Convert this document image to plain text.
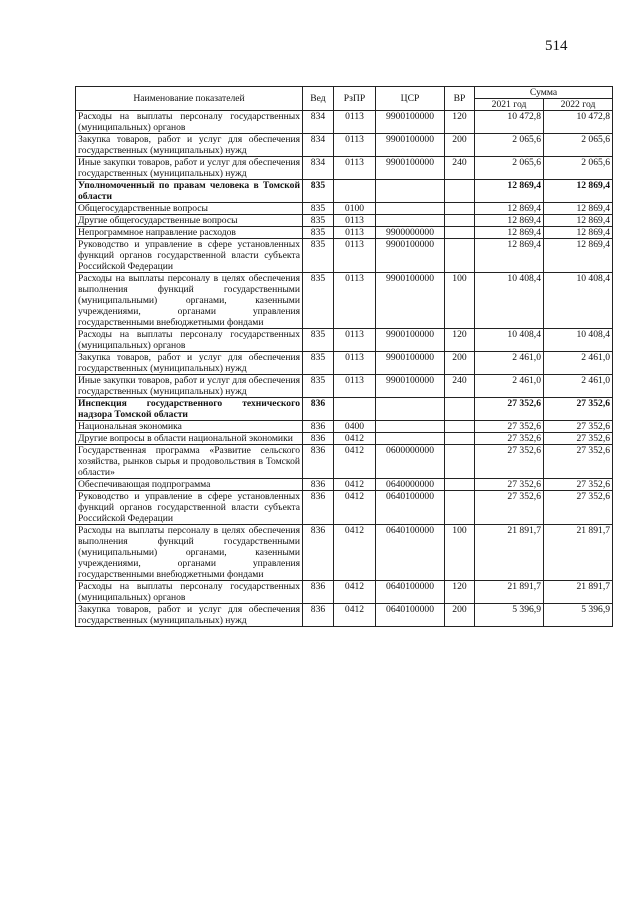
514
Наименование показателей	Вед	РзПР	ЦСР	ВР	Сумма	
					2021 год	2022 год
Расходы на выплаты персоналу государственных (муниципальных) органов	834	0113	9900100000	120	10 472,8	10 472,8
Закупка товаров, работ и услуг для обеспечения государственных (муниципальных) нужд	834	0113	9900100000	200	2 065,6	2 065,6
Иные закупки товаров, работ и услуг для обеспечения государственных (муниципальных) нужд	834	0113	9900100000	240	2 065,6	2 065,6
Уполномоченный по правам человека в Томской области	835				12 869,4	12 869,4
Общегосударственные вопросы	835	0100			12 869,4	12 869,4
Другие общегосударственные вопросы	835	0113			12 869,4	12 869,4
Непрограммное направление расходов	835	0113	9900000000		12 869,4	12 869,4
Руководство и управление в сфере установленных функций органов государственной власти субъекта Российской Федерации	835	0113	9900100000		12 869,4	12 869,4
Расходы на выплаты персоналу в целях обеспечения выполнения функций государственными (муниципальными) органами, казенными учреждениями, органами управления государственными внебюджетными фондами	835	0113	9900100000	100	10 408,4	10 408,4
Расходы на выплаты персоналу государственных (муниципальных) органов	835	0113	9900100000	120	10 408,4	10 408,4
Закупка товаров, работ и услуг для обеспечения государственных (муниципальных) нужд	835	0113	9900100000	200	2 461,0	2 461,0
Иные закупки товаров, работ и услуг для обеспечения государственных (муниципальных) нужд	835	0113	9900100000	240	2 461,0	2 461,0
Инспекция государственного технического надзора Томской области	836				27 352,6	27 352,6
Национальная экономика	836	0400			27 352,6	27 352,6
Другие вопросы в области национальной экономики	836	0412			27 352,6	27 352,6
Государственная программа «Развитие сельского хозяйства, рынков сырья и продовольствия в Томской области»	836	0412	0600000000		27 352,6	27 352,6
Обеспечивающая подпрограмма	836	0412	0640000000		27 352,6	27 352,6
Руководство и управление в сфере установленных функций органов государственной власти субъекта Российской Федерации	836	0412	0640100000		27 352,6	27 352,6
Расходы на выплаты персоналу в целях обеспечения выполнения функций государственными (муниципальными) органами, казенными учреждениями, органами управления государственными внебюджетными фондами	836	0412	0640100000	100	21 891,7	21 891,7
Расходы на выплаты персоналу государственных (муниципальных) органов	836	0412	0640100000	120	21 891,7	21 891,7
Закупка товаров, работ и услуг для обеспечения государственных (муниципальных) нужд	836	0412	0640100000	200	5 396,9	5 396,9
